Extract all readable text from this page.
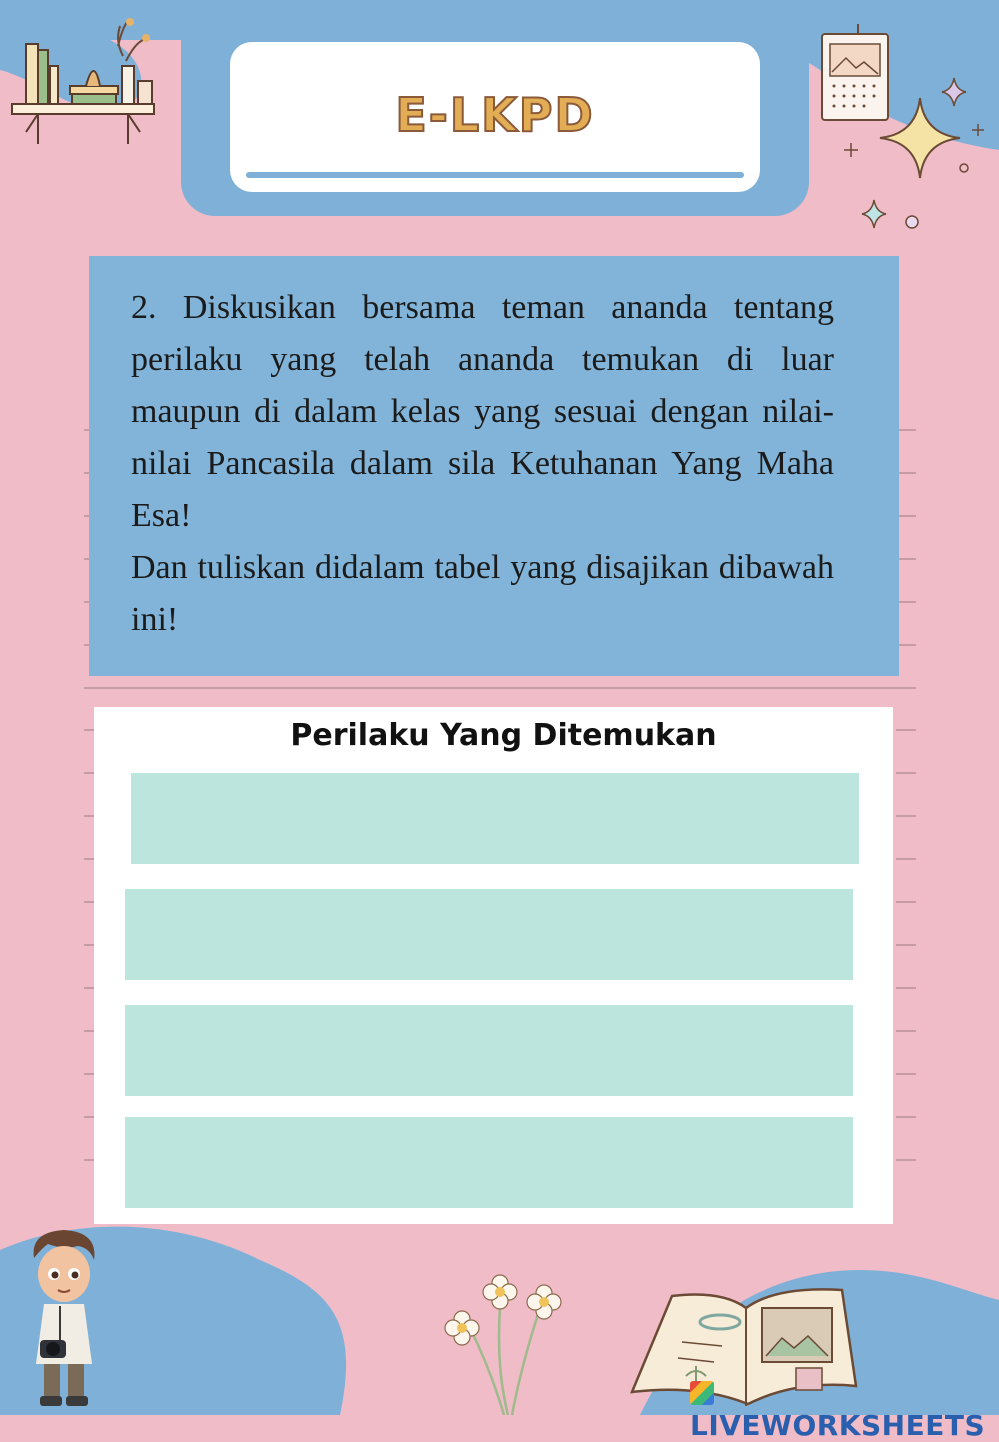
E-LKPD

2. Diskusikan bersama teman ananda tentang perilaku yang telah ananda temukan di luar maupun di dalam kelas yang sesuai dengan nilai-nilai Pancasila dalam sila Ketuhanan Yang Maha Esa!

Dan tuliskan didalam tabel yang disajikan dibawah ini!

Perilaku Yang Ditemukan
LIVEWORKSHEETS
